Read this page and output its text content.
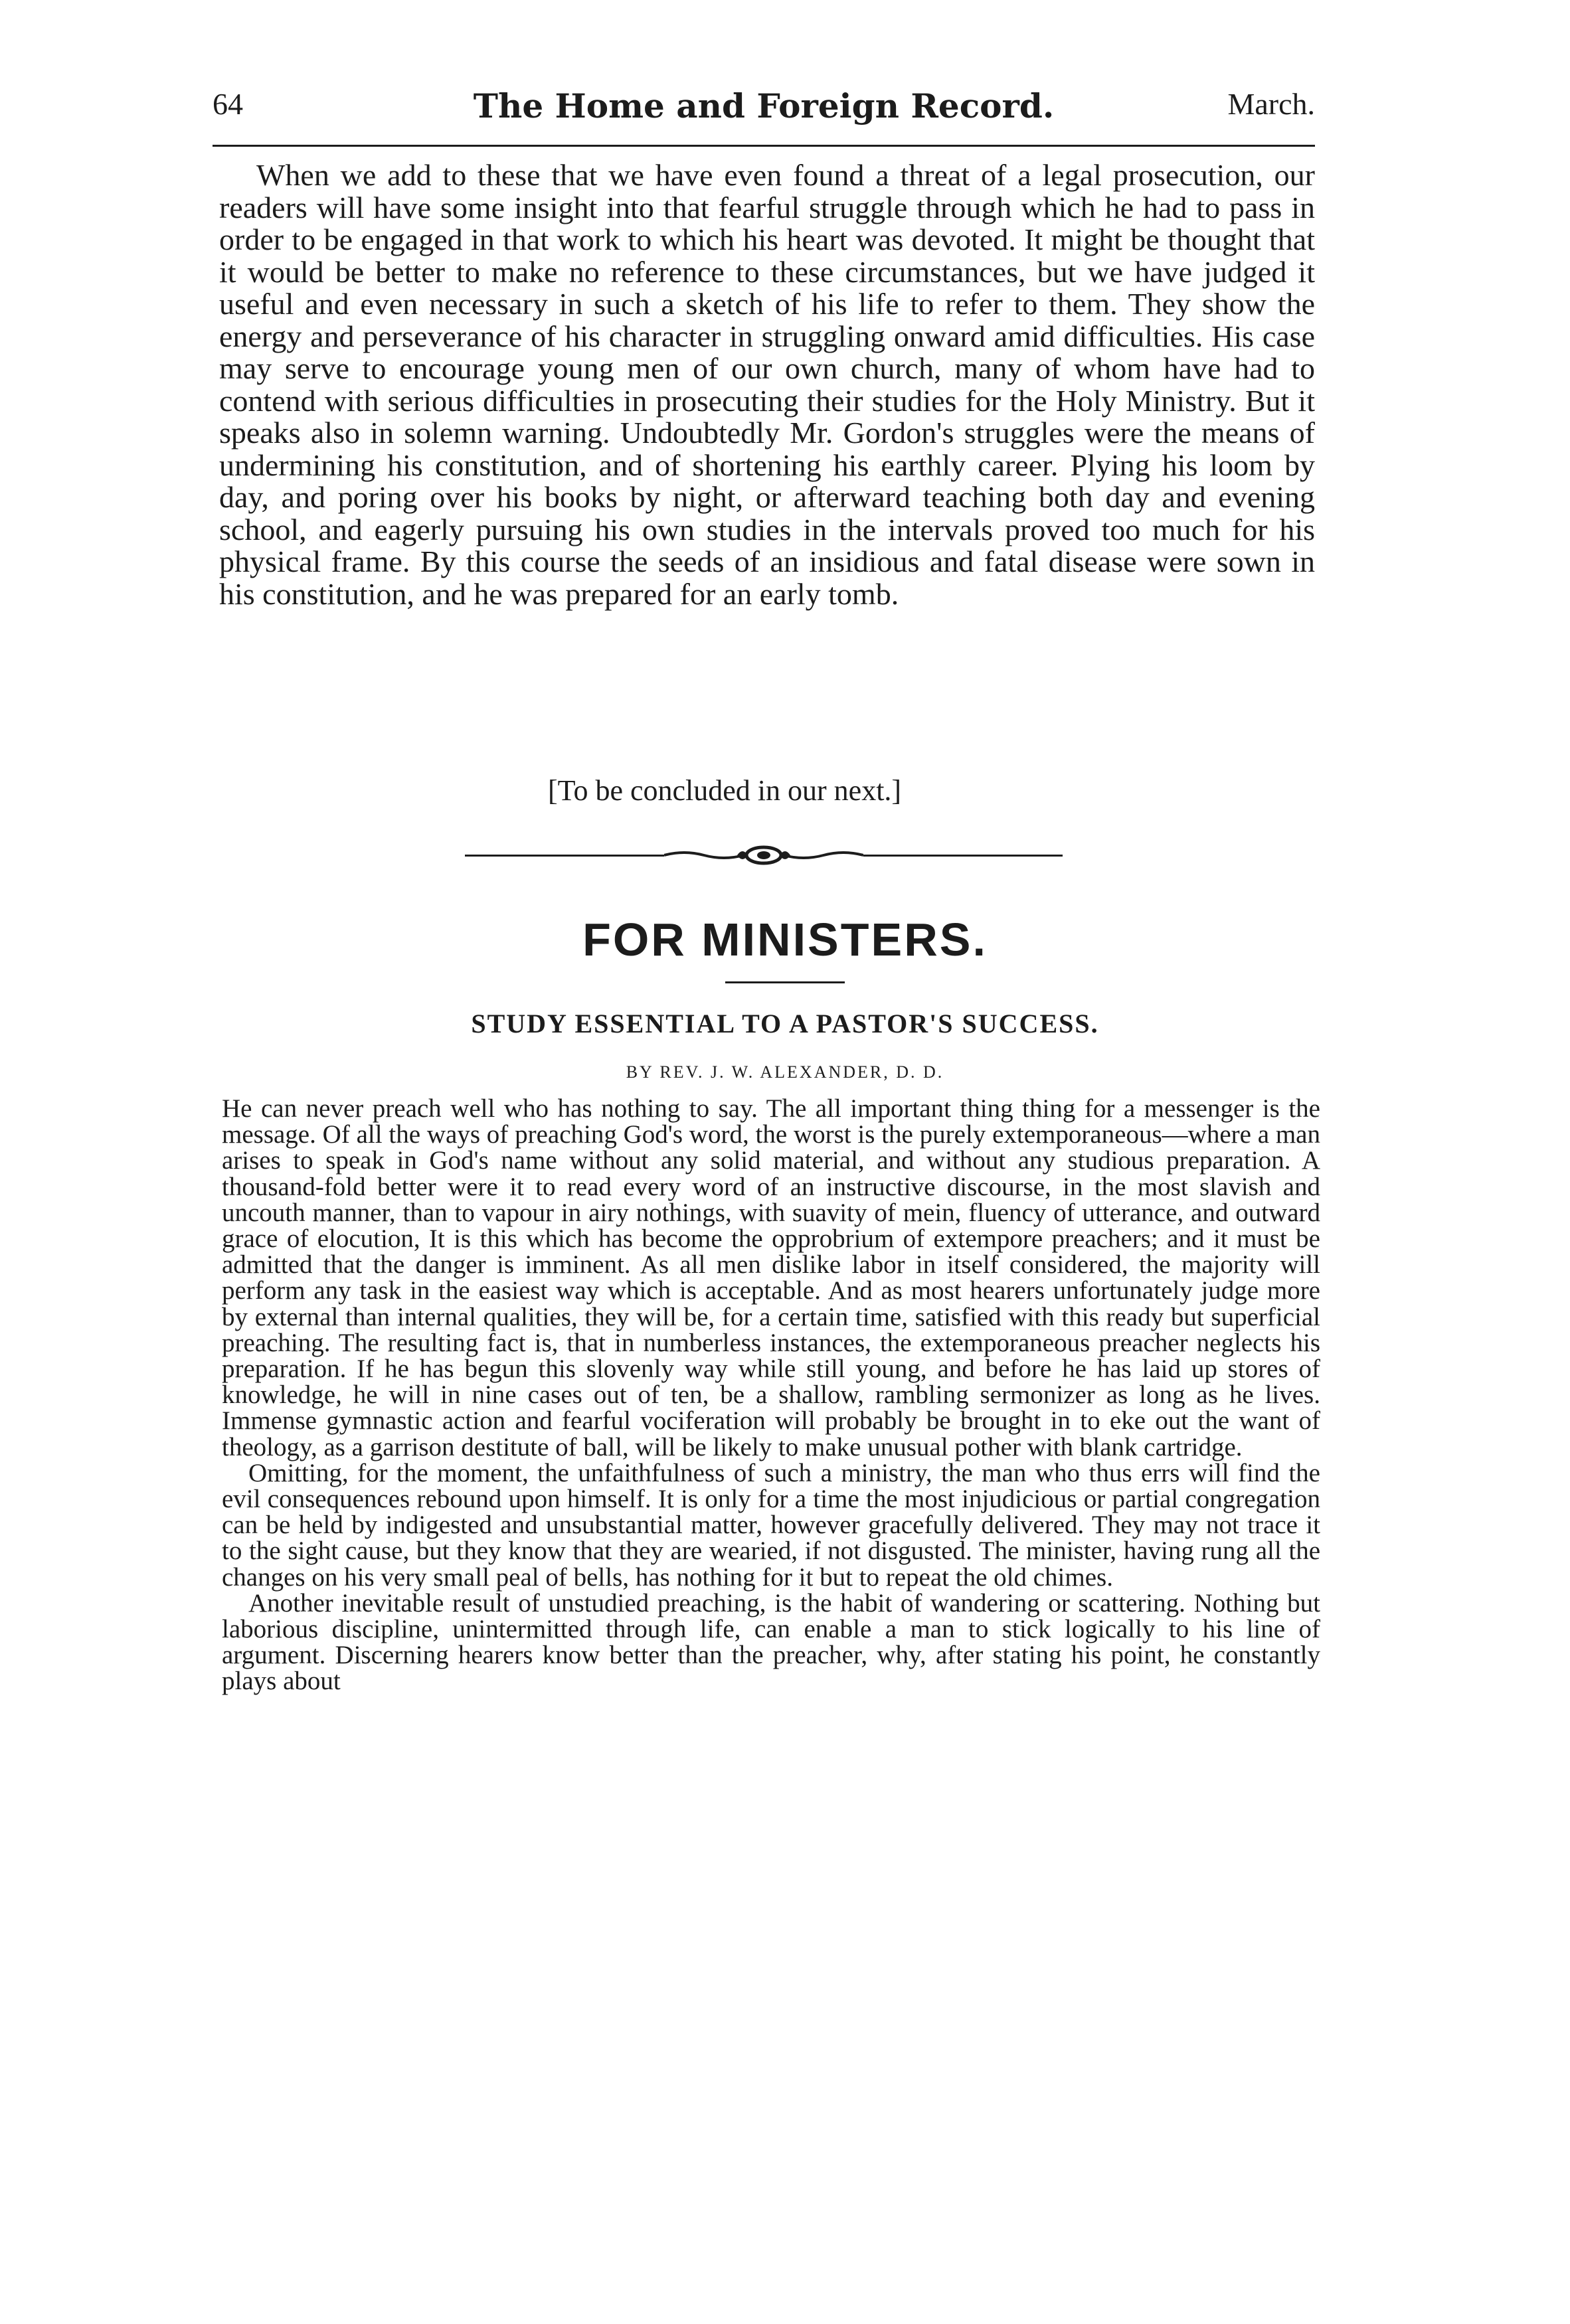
64	The Home and Foreign Record.	March.

When we add to these that we have even found a threat of a legal prosecution, our readers will have some insight into that fearful struggle through which he had to pass in order to be engaged in that work to which his heart was devoted. It might be thought that it would be better to make no reference to these circumstances, but we have judged it useful and even necessary in such a sketch of his life to refer to them. They show the energy and perseverance of his character in struggling onward amid difficulties. His case may serve to encourage young men of our own church, many of whom have had to contend with serious difficulties in prosecuting their studies for the Holy Ministry. But it speaks also in solemn warning. Undoubtedly Mr. Gordon's struggles were the means of undermining his constitution, and of shortening his earthly career. Plying his loom by day, and poring over his books by night, or afterward teaching both day and evening school, and eagerly pursuing his own studies in the intervals proved too much for his physical frame. By this course the seeds of an insidious and fatal disease were sown in his constitution, and he was prepared for an early tomb.

[To be concluded in our next.]

FOR MINISTERS.
STUDY ESSENTIAL TO A PASTOR'S SUCCESS.

BY REV. J. W. ALEXANDER, D. D.

He can never preach well who has nothing to say. The all important thing thing for a messenger is the message. Of all the ways of preaching God's word, the worst is the purely extemporaneous—where a man arises to speak in God's name without any solid material, and without any studious preparation. A thousand-fold better were it to read every word of an instructive discourse, in the most slavish and uncouth manner, than to vapour in airy nothings, with suavity of mein, fluency of utterance, and outward grace of elocution, It is this which has become the opprobrium of extempore preachers; and it must be admitted that the danger is imminent. As all men dislike labor in itself considered, the majority will perform any task in the easiest way which is acceptable. And as most hearers unfortunately judge more by external than internal qualities, they will be, for a certain time, satisfied with this ready but superficial preaching. The resulting fact is, that in numberless instances, the extemporaneous preacher neglects his preparation. If he has begun this slovenly way while still young, and before he has laid up stores of knowledge, he will in nine cases out of ten, be a shallow, rambling sermonizer as long as he lives. Immense gymnastic action and fearful vociferation will probably be brought in to eke out the want of theology, as a garrison destitute of ball, will be likely to make unusual pother with blank cartridge.

Omitting, for the moment, the unfaithfulness of such a ministry, the man who thus errs will find the evil consequences rebound upon himself. It is only for a time the most injudicious or partial congregation can be held by indigested and unsubstantial matter, however gracefully delivered. They may not trace it to the sight cause, but they know that they are wearied, if not disgusted. The minister, having rung all the changes on his very small peal of bells, has nothing for it but to repeat the old chimes.

Another inevitable result of unstudied preaching, is the habit of wandering or scattering. Nothing but laborious discipline, unintermitted through life, can enable a man to stick logically to his line of argument. Discerning hearers know better than the preacher, why, after stating his point, he constantly plays about
